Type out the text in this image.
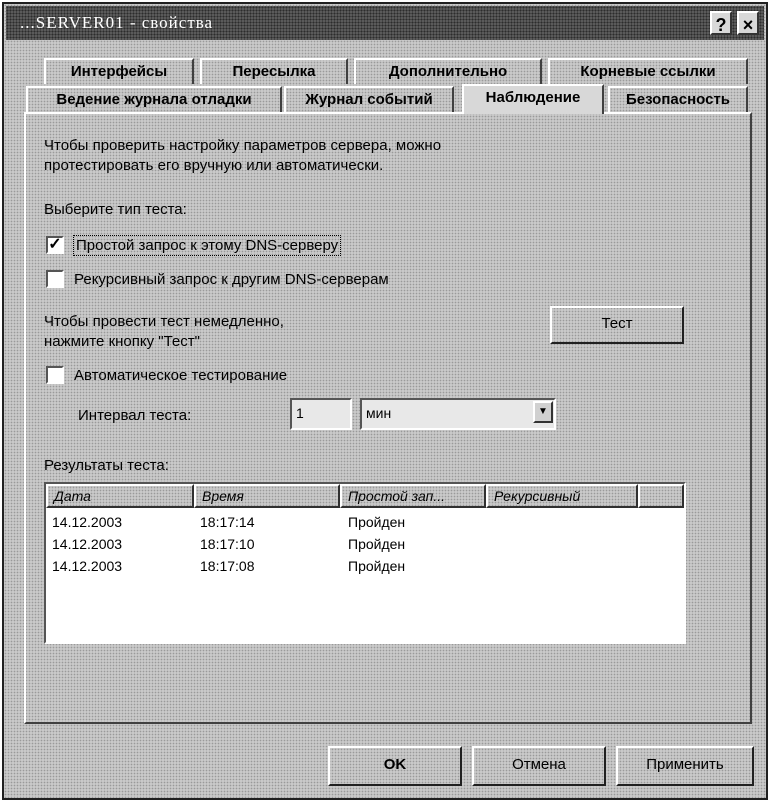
...SERVER01 - свойства	? ×
Интерфейсы	Пересылка	Дополнительно	Корневые ссылки
Ведение журнала отладки	Журнал событий	Наблюдение	Безопасность
Чтобы проверить настройку параметров сервера, можно
протестировать его вручную или автоматически.
Выберите тип теста:
✓ Простой запрос к этому DNS-серверу
Рекурсивный запрос к другим DNS-серверам
Чтобы провести тест немедленно,
нажмите кнопку "Тест"
Тест
Автоматическое тестирование
Интервал теста:	1	мин	▼
Результаты теста:
Дата	Время	Простой зап...	Рекурсивный
14.12.2003	18:17:14	Пройден
14.12.2003	18:17:10	Пройден
14.12.2003	18:17:08	Пройден
OK	Отмена	Применить
